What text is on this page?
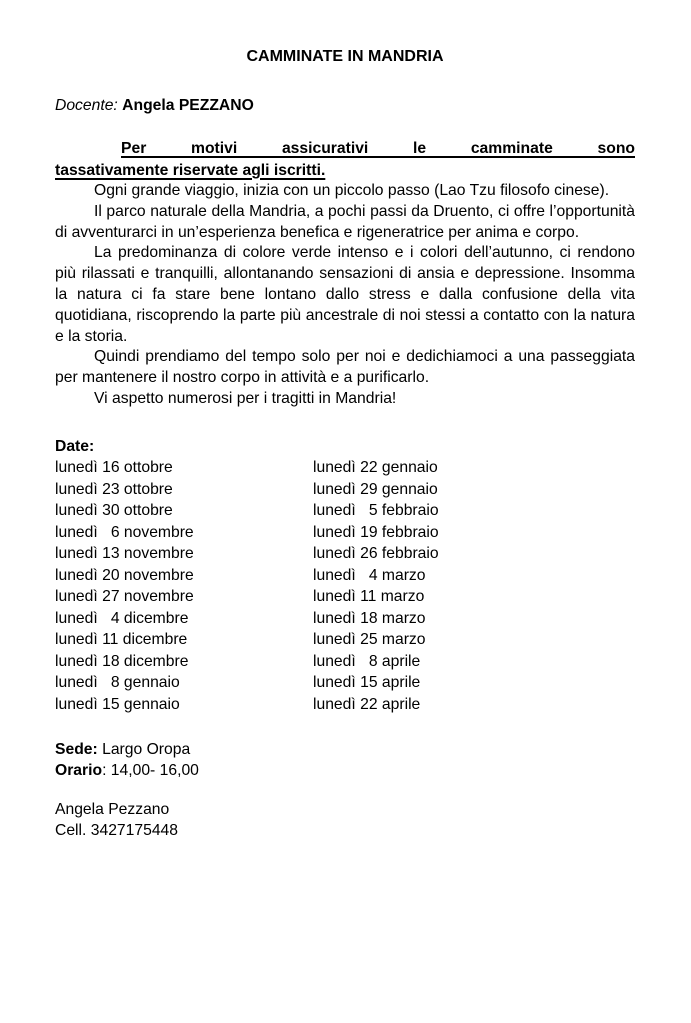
CAMMINATE IN MANDRIA

Docente: Angela PEZZANO

Per motivi assicurativi le camminate sono
tassativamente riservate agli iscritti.

Ogni grande viaggio, inizia con un piccolo passo (Lao Tzu filosofo cinese).

Il parco naturale della Mandria, a pochi passi da Druento, ci offre l’opportunità di avventurarci in un’esperienza benefica e rigeneratrice per anima e corpo.

La predominanza di colore verde intenso e i colori dell’autunno, ci rendono più rilassati e tranquilli, allontanando sensazioni di ansia e depressione. Insomma la natura ci fa stare bene lontano dallo stress e dalla confusione della vita quotidiana, riscoprendo la parte più ancestrale di noi stessi a contatto con la natura e la storia.

Quindi prendiamo del tempo solo per noi e dedichiamoci a una passeggiata per mantenere il nostro corpo in attività e a purificarlo.

Vi aspetto numerosi per i tragitti in Mandria!

Date:
lunedì 16 ottobre	lunedì 22 gennaio
lunedì 23 ottobre	lunedì 29 gennaio
lunedì 30 ottobre	lunedì   5 febbraio
lunedì   6 novembre	lunedì 19 febbraio
lunedì 13 novembre	lunedì 26 febbraio
lunedì 20 novembre	lunedì   4 marzo
lunedì 27 novembre	lunedì 11 marzo
lunedì   4 dicembre	lunedì 18 marzo
lunedì 11 dicembre	lunedì 25 marzo
lunedì 18 dicembre	lunedì   8 aprile
lunedì   8 gennaio	lunedì 15 aprile
lunedì 15 gennaio	lunedì 22 aprile

Sede: Largo Oropa

Orario: 14,00- 16,00

Angela Pezzano

Cell. 3427175448
